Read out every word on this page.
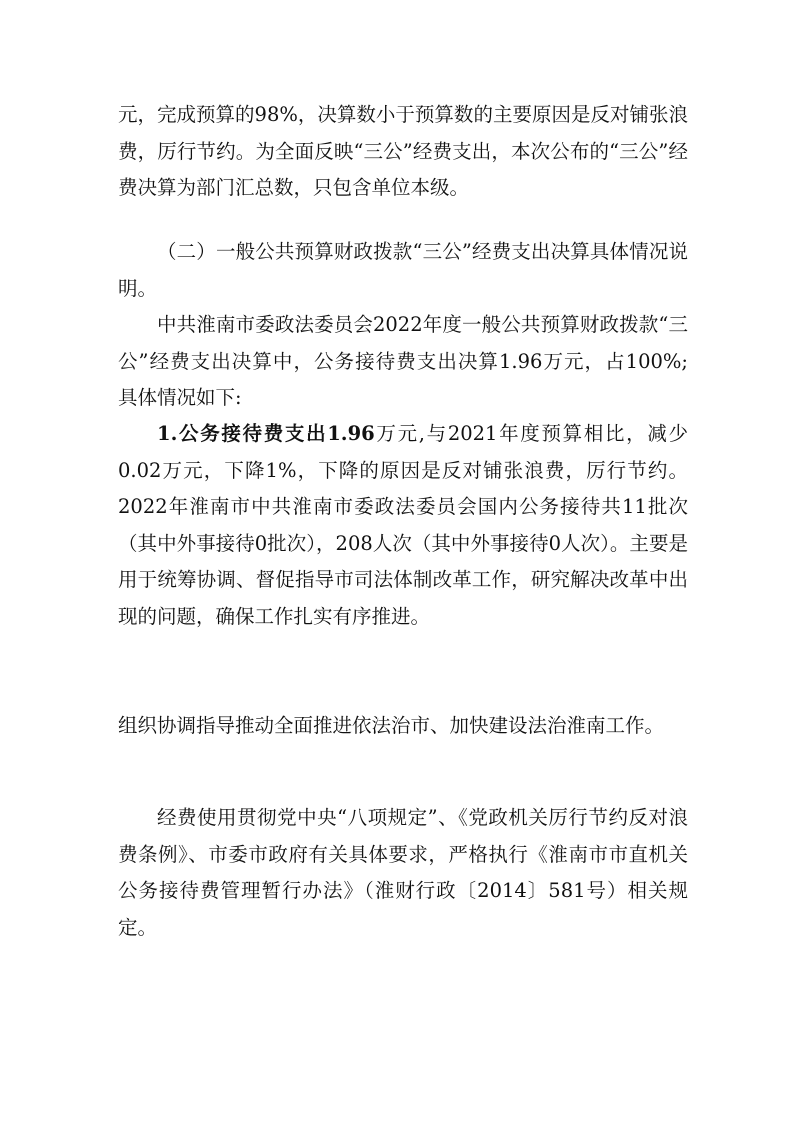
元，完成预算的98%，决算数小于预算数的主要原因是反对铺张浪费，厉行节约。为全面反映“三公”经费支出，本次公布的“三公”经费决算为部门汇总数，只包含单位本级。

（二）一般公共预算财政拨款“三公”经费支出决算具体情况说明。

中共淮南市委政法委员会2022年度一般公共预算财政拨款“三公”经费支出决算中，公务接待费支出决算1.96万元，占100%; 具体情况如下:

1.公务接待费支出1.96万元,与2021年度预算相比，减少0.02万元，下降1%，下降的原因是反对铺张浪费，厉行节约。2022年淮南市中共淮南市委政法委员会国内公务接待共11批次（其中外事接待0批次），208人次（其中外事接待0人次）。主要是用于统筹协调、督促指导市司法体制改革工作，研究解决改革中出现的问题，确保工作扎实有序推进。

组织协调指导推动全面推进依法治市、加快建设法治淮南工作。

经费使用贯彻党中央“八项规定”、《党政机关厉行节约反对浪费条例》、市委市政府有关具体要求，严格执行《淮南市市直机关公务接待费管理暂行办法》（淮财行政〔2014〕581号）相关规定。
